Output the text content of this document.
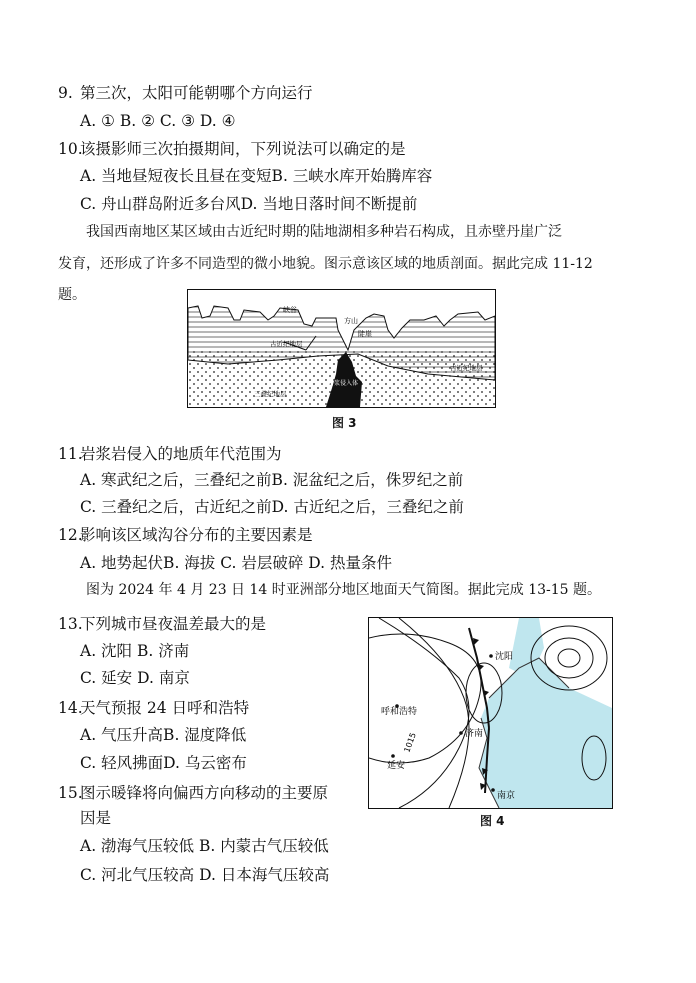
9. 第三次，太阳可能朝哪个方向运行
A. ① B. ② C. ③ D. ④
10.
该摄影师三次拍摄期间，下列说法可以确定的是
A. 当地昼短夜长且昼在变短B. 三峡水库开始腾库容
C. 舟山群岛附近多台风D. 当地日落时间不断提前
我国西南地区某区域由古近纪时期的陆地湖相多种岩石构成，且赤壁丹崖广泛
发育，还形成了许多不同造型的微小地貌。图示意该区域的地质剖面。据此完成 11-12
题。
峡谷
方山
陡崖
古近纪地层
古近纪地层
三叠纪地层
岩浆侵入体
图 3
11.
岩浆岩侵入的地质年代范围为
A. 寒武纪之后，三叠纪之前B. 泥盆纪之后，侏罗纪之前
C. 三叠纪之后，古近纪之前D. 古近纪之后，三叠纪之前
12.
影响该区域沟谷分布的主要因素是
A. 地势起伏B. 海拔 C. 岩层破碎 D. 热量条件
图为 2024 年 4 月 23 日 14 时亚洲部分地区地面天气简图。据此完成 13-15 题。
13.
下列城市昼夜温差最大的是
A. 沈阳 B. 济南
C. 延安 D. 南京
14.
天气预报 24 日呼和浩特
A. 气压升高B. 湿度降低
C. 轻风拂面D. 乌云密布
15.
图示暖锋将向偏西方向移动的主要原
因是
A. 渤海气压较低 B. 内蒙古气压较低
C. 河北气压较高 D. 日本海气压较高
沈阳
呼和浩特
济南
延安
南京
1015
图 4
